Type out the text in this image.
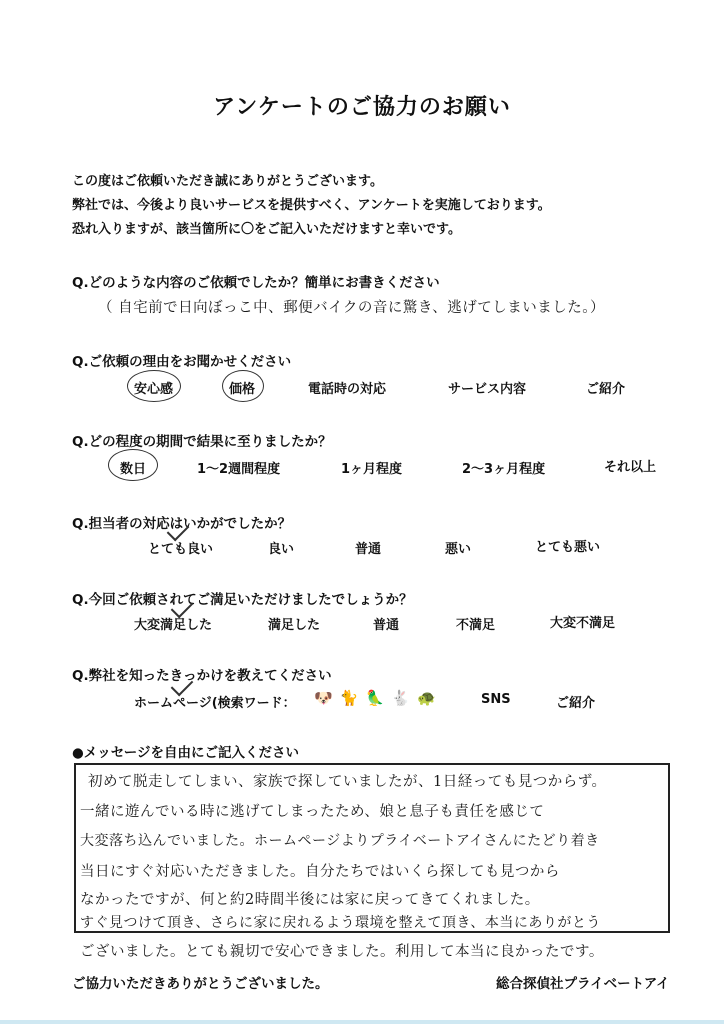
アンケートのご協力のお願い
この度はご依頼いただき誠にありがとうございます。
弊社では、今後より良いサービスを提供すべく、アンケートを実施しております。
恐れ入りますが、該当箇所に〇をご記入いただけますと幸いです。
Q.どのような内容のご依頼でしたか？簡単にお書きください
（ 自宅前で日向ぼっこ中、郵便バイクの音に驚き、逃げてしまいました。）
Q.ご依頼の理由をお聞かせください
安心感	価格	電話時の対応	サービス内容	ご紹介
Q.どの程度の期間で結果に至りましたか？
数日	1～2週間程度	1ヶ月程度	2～3ヶ月程度	それ以上
Q.担当者の対応はいかがでしたか？
とても良い	良い	普通	悪い	とても悪い
Q.今回ご依頼されてご満足いただけましたでしょうか？
大変満足した	満足した	普通	不満足	大変不満足
Q.弊社を知ったきっかけを教えてください
ホームページ(検索ワード： 🐶 🐈 🦜 🐇 🐢	SNS	ご紹介
●メッセージを自由にご記入ください
初めて脱走してしまい、家族で探していましたが、1日経っても見つからず。
一緒に遊んでいる時に逃げてしまったため、娘と息子も責任を感じて
大変落ち込んでいました。ホームページよりプライベートアイさんにたどり着き
当日にすぐ対応いただきました。自分たちではいくら探しても見つから
なかったですが、何と約2時間半後には家に戻ってきてくれました。
すぐ見つけて頂き、さらに家に戻れるよう環境を整えて頂き、本当にありがとう
ございました。とても親切で安心できました。利用して本当に良かったです。
ご協力いただきありがとうございました。	総合探偵社プライベートアイ
